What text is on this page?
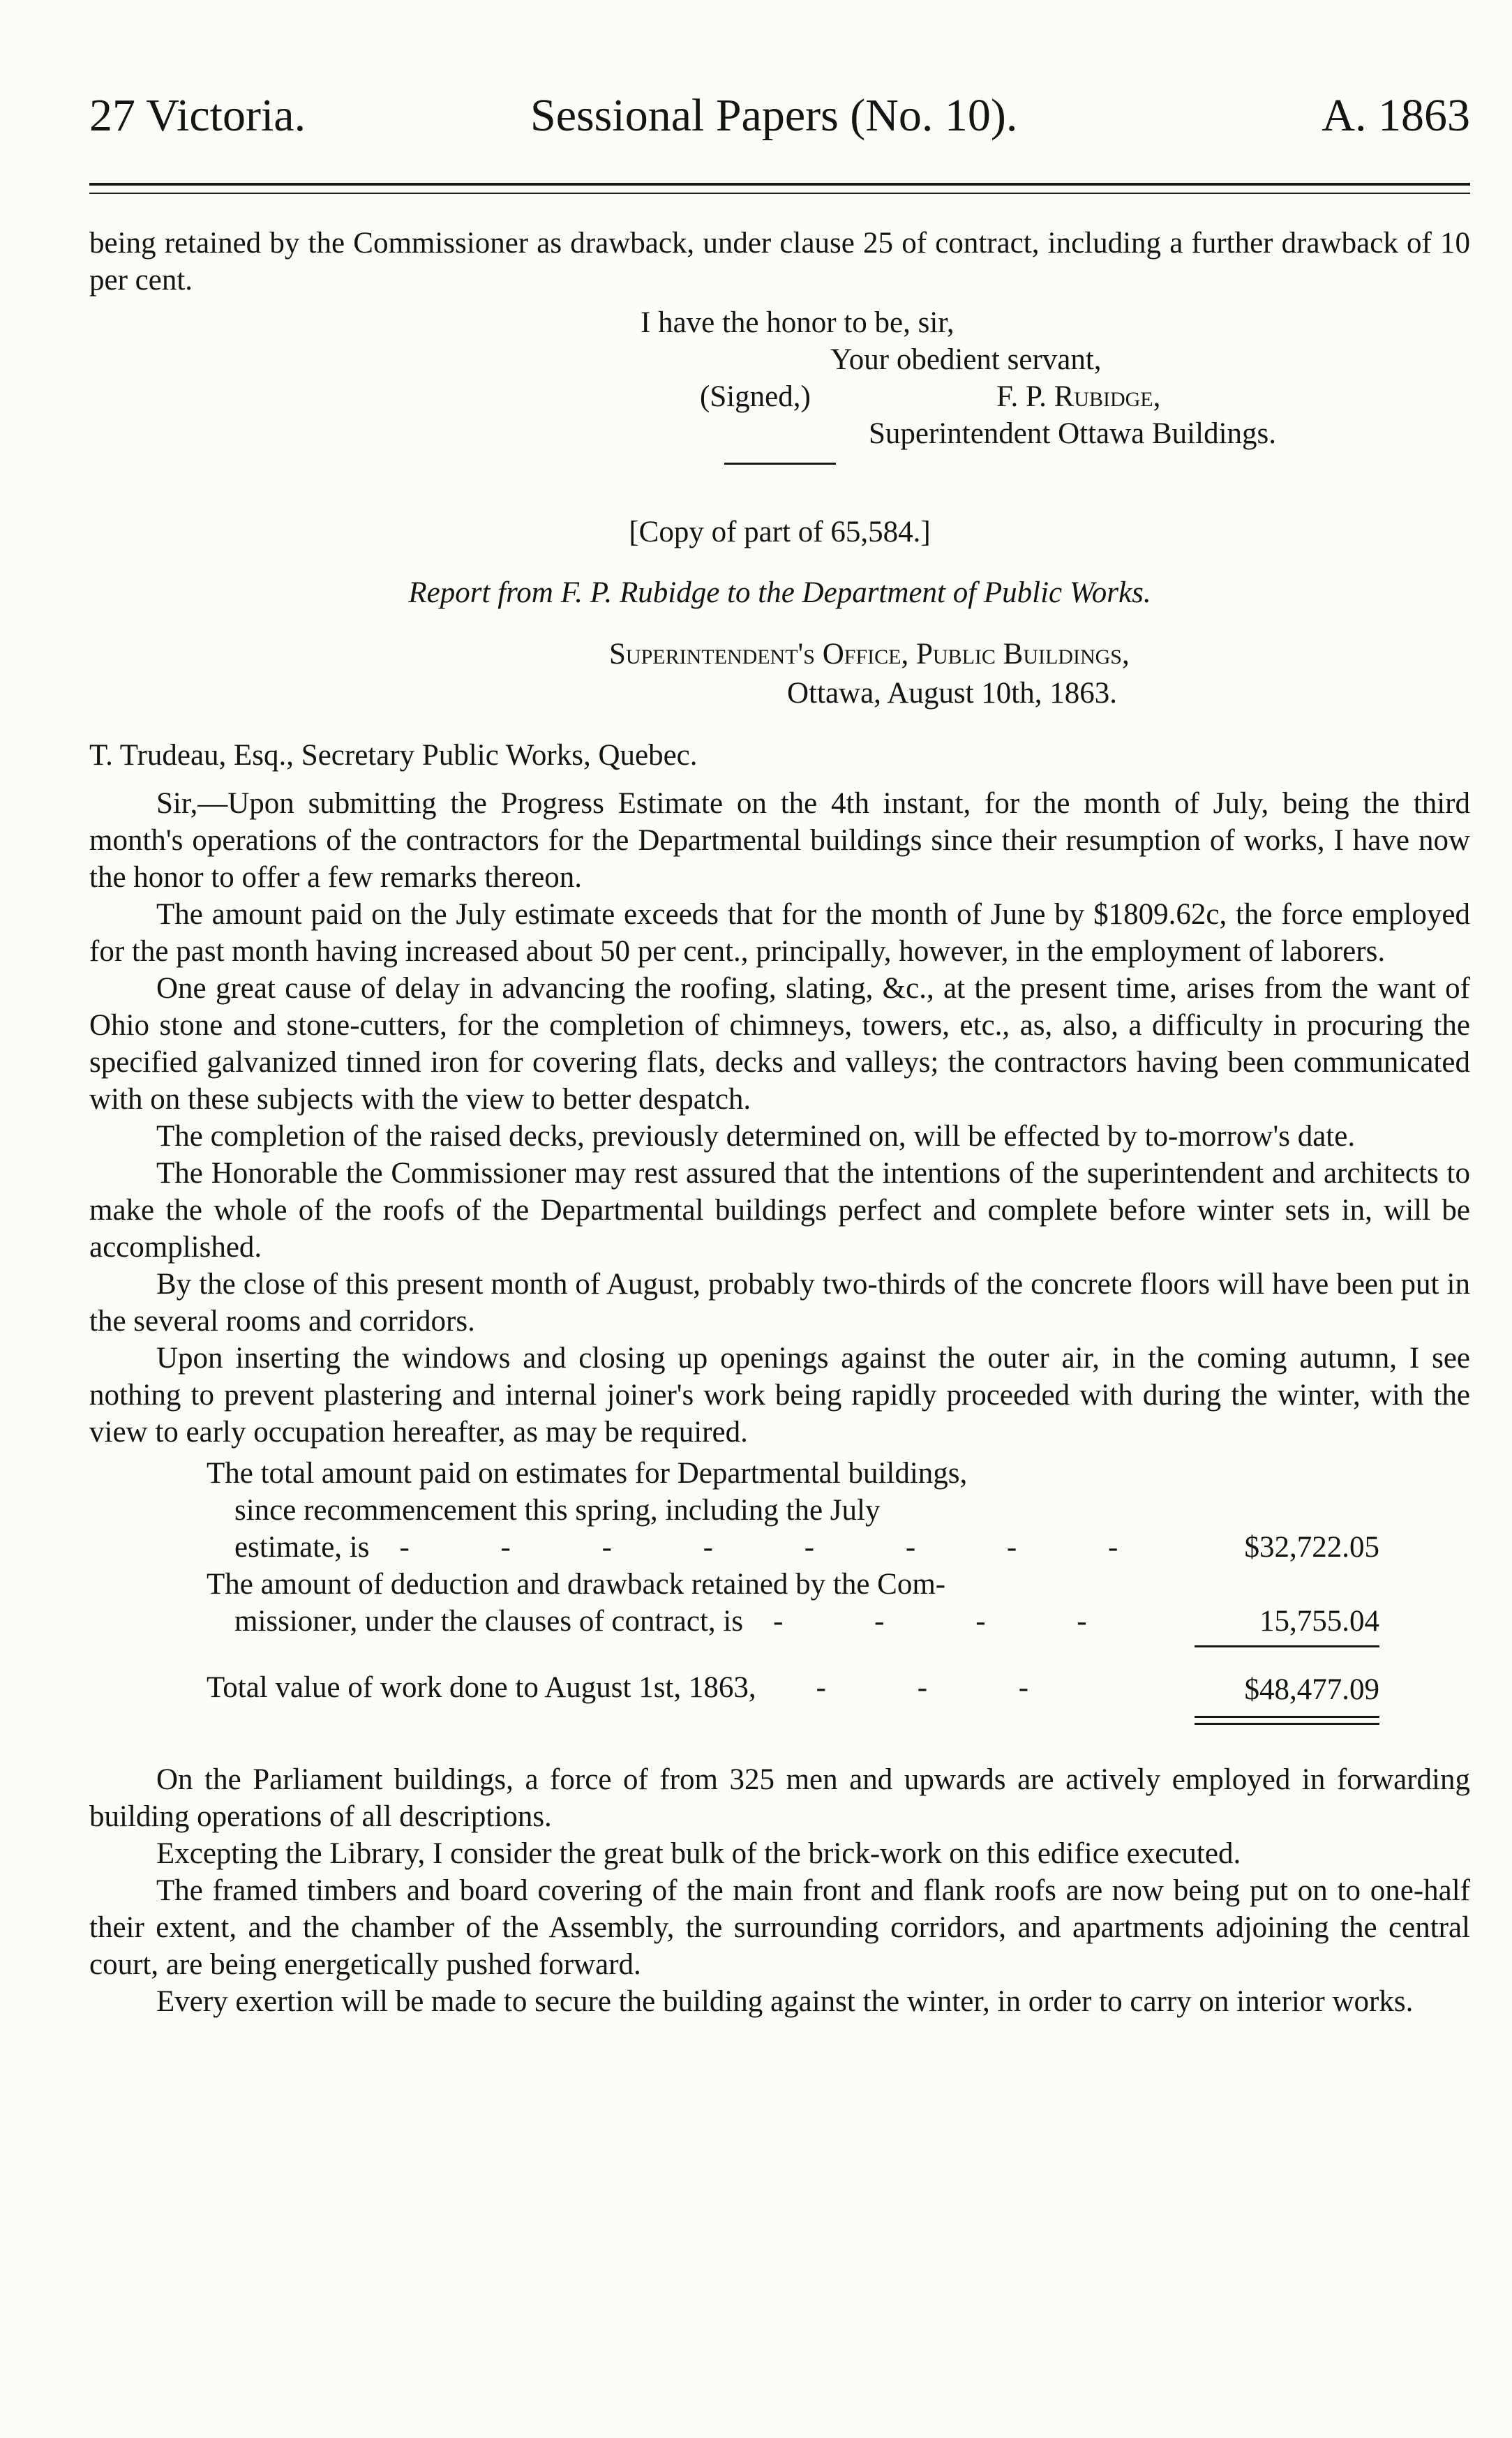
27 Victoria.	Sessional Papers (No. 10).	A. 1863

being retained by the Commissioner as drawback, under clause 25 of contract, including a further drawback of 10 per cent.

I have the honor to be, sir,
Your obedient servant,
(Signed,)	F. P. Rubidge,
Superintendent Ottawa Buildings.

[Copy of part of 65,584.]

Report from F. P. Rubidge to the Department of Public Works.

Superintendent's Office, Public Buildings,
Ottawa, August 10th, 1863.

T. Trudeau, Esq., Secretary Public Works, Quebec.

Sir,—Upon submitting the Progress Estimate on the 4th instant, for the month of July, being the third month's operations of the contractors for the Departmental buildings since their resumption of works, I have now the honor to offer a few remarks thereon.

The amount paid on the July estimate exceeds that for the month of June by $1809.62c, the force employed for the past month having increased about 50 per cent., principally, however, in the employment of laborers.

One great cause of delay in advancing the roofing, slating, &c., at the present time, arises from the want of Ohio stone and stone-cutters, for the completion of chimneys, towers, etc., as, also, a difficulty in procuring the specified galvanized tinned iron for covering flats, decks and valleys; the contractors having been communicated with on these subjects with the view to better despatch.

The completion of the raised decks, previously determined on, will be effected by to-morrow's date.

The Honorable the Commissioner may rest assured that the intentions of the superintendent and architects to make the whole of the roofs of the Departmental buildings perfect and complete before winter sets in, will be accomplished.

By the close of this present month of August, probably two-thirds of the concrete floors will have been put in the several rooms and corridors.

Upon inserting the windows and closing up openings against the outer air, in the coming autumn, I see nothing to prevent plastering and internal joiner's work being rapidly proceeded with during the winter, with the view to early occupation hereafter, as may be required.

The total amount paid on estimates for Departmental buildings,
since recommencement this spring, including the July
estimate, is - - - - - - - -	$32,722.05
The amount of deduction and drawback retained by the Com-
missioner, under the clauses of contract, is - - - -	15,755.04
Total value of work done to August 1st, 1863, - - -	$48,477.09

On the Parliament buildings, a force of from 325 men and upwards are actively employed in forwarding building operations of all descriptions.

Excepting the Library, I consider the great bulk of the brick-work on this edifice executed.

The framed timbers and board covering of the main front and flank roofs are now being put on to one-half their extent, and the chamber of the Assembly, the surrounding corridors, and apartments adjoining the central court, are being energetically pushed forward.

Every exertion will be made to secure the building against the winter, in order to carry on interior works.
